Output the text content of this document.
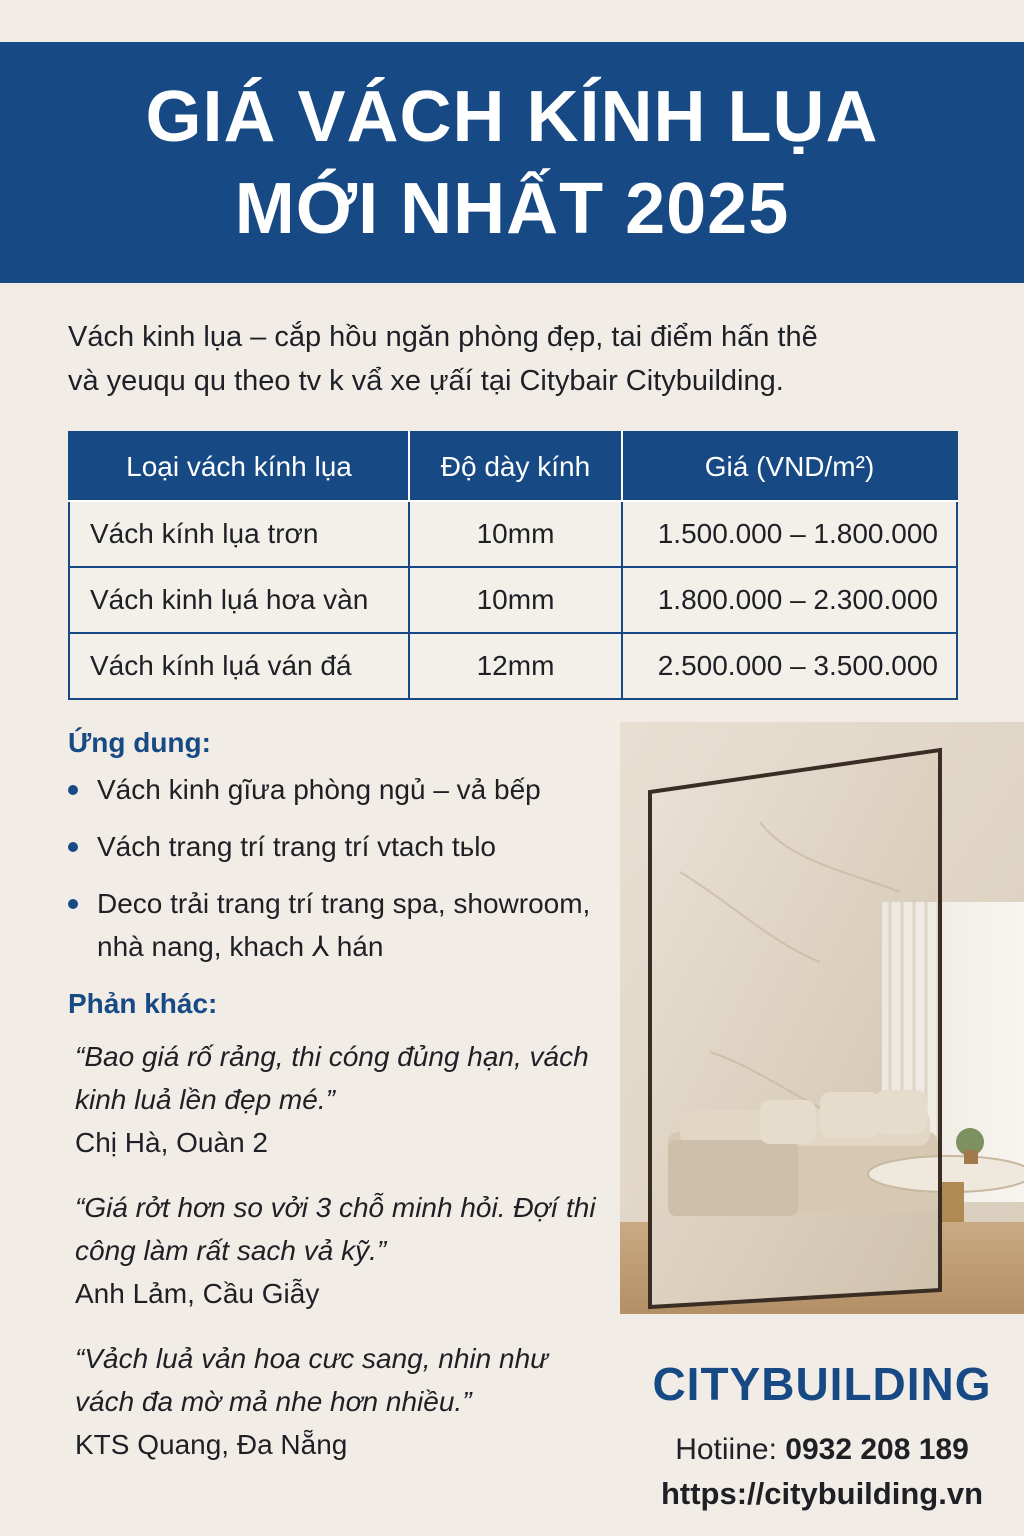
GIÁ VÁCH KÍNH LỤA
MỚI NHẤT 2025
Vách kinh lụa – cắp hồu ngăn phòng đẹp, tai điểm hấn thẽ
và yeuqu qu theo tv k vẩ xe ựấí tại Citybair Citybuilding.
Loại vách kính lụa	Độ dày kính	Giá (VND/m²)
Vách kính lụa trơn	10mm	1.500.000 – 1.800.000
Vách kinh lụá hơa vàn	10mm	1.800.000 – 2.300.000
Vách kính lụá ván đá	12mm	2.500.000 – 3.500.000
Ứng dung:
Vách kinh gĩưa phòng ngủ – vả bếp
Vách trang trí trang trí vtach tьlo
Deco trải trang trí trang spa, showroom, nhà nang, khach ⅄ hán
Phản khác:
“Bao giá rố rảng, thi cóng đủng hạn, vách kinh luả lền đẹp mé.”
Chị Hà, Ouàn 2
“Giá rởt hơn so vởi 3 chỗ minh hỏi. Đợí thi công làm rất sach vả kỹ.”
Anh Lảm, Cầu Giẫy
“Vảch luả vản hoa cưc sang, nhin như vách đa mờ mả nhe hơn nhiều.”
KTS Quang, Đa Nẵng
CITYBUILDING
Hotiine: 0932 208 189
https://citybuilding.vn
